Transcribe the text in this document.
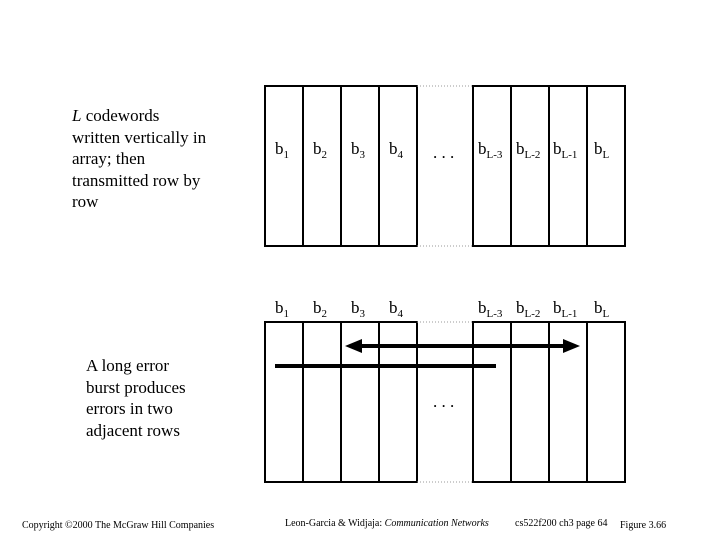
L codewords written vertically in array; then transmitted row by row
A long error burst produces errors in two adjacent rows
$b_1$ $b_2$ $b_3$ $b_4$ . . . $b_{L-3}$ $b_{L-2}$ $b_{L-1}$ $b_L$
$b_1$ $b_2$ $b_3$ $b_4$	$b_{L-3}$ $b_{L-2}$ $b_{L-1}$ $b_L$
. . .
Copyright ©2000 The McGraw Hill Companies	Leon-Garcia & Widjaja: Communication Networks	cs522f200 ch3 page 64 Figure 3.66
